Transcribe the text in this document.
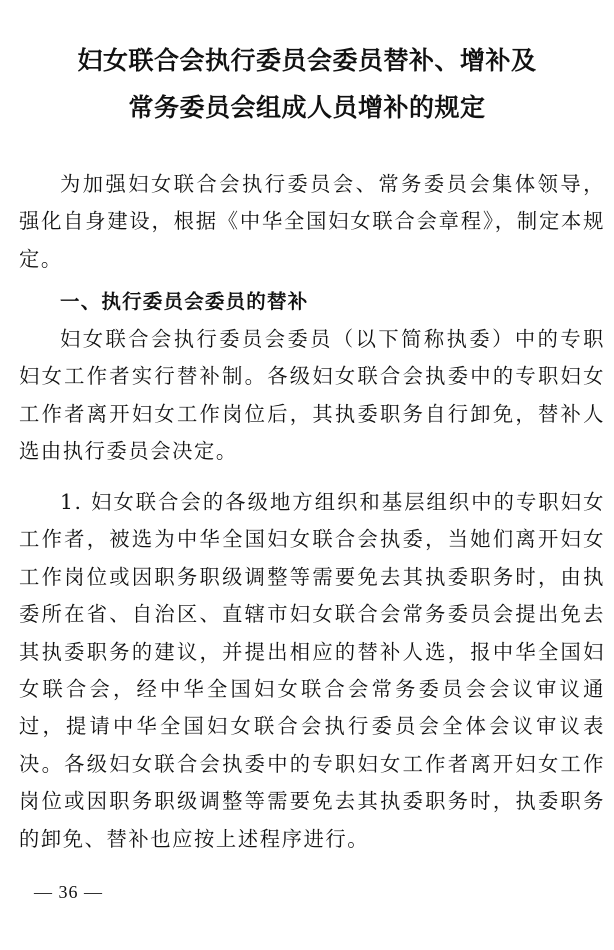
妇女联合会执行委员会委员替补、增补及
常务委员会组成人员增补的规定

为加强妇女联合会执行委员会、常务委员会集体领导，强化自身建设，根据《中华全国妇女联合会章程》，制定本规定。

一、执行委员会委员的替补

妇女联合会执行委员会委员（以下简称执委）中的专职妇女工作者实行替补制。各级妇女联合会执委中的专职妇女工作者离开妇女工作岗位后，其执委职务自行卸免，替补人选由执行委员会决定。

1. 妇女联合会的各级地方组织和基层组织中的专职妇女工作者，被选为中华全国妇女联合会执委，当她们离开妇女工作岗位或因职务职级调整等需要免去其执委职务时，由执委所在省、自治区、直辖市妇女联合会常务委员会提出免去其执委职务的建议，并提出相应的替补人选，报中华全国妇女联合会，经中华全国妇女联合会常务委员会会议审议通过，提请中华全国妇女联合会执行委员会全体会议审议表决。各级妇女联合会执委中的专职妇女工作者离开妇女工作岗位或因职务职级调整等需要免去其执委职务时，执委职务的卸免、替补也应按上述程序进行。

— 36 —
